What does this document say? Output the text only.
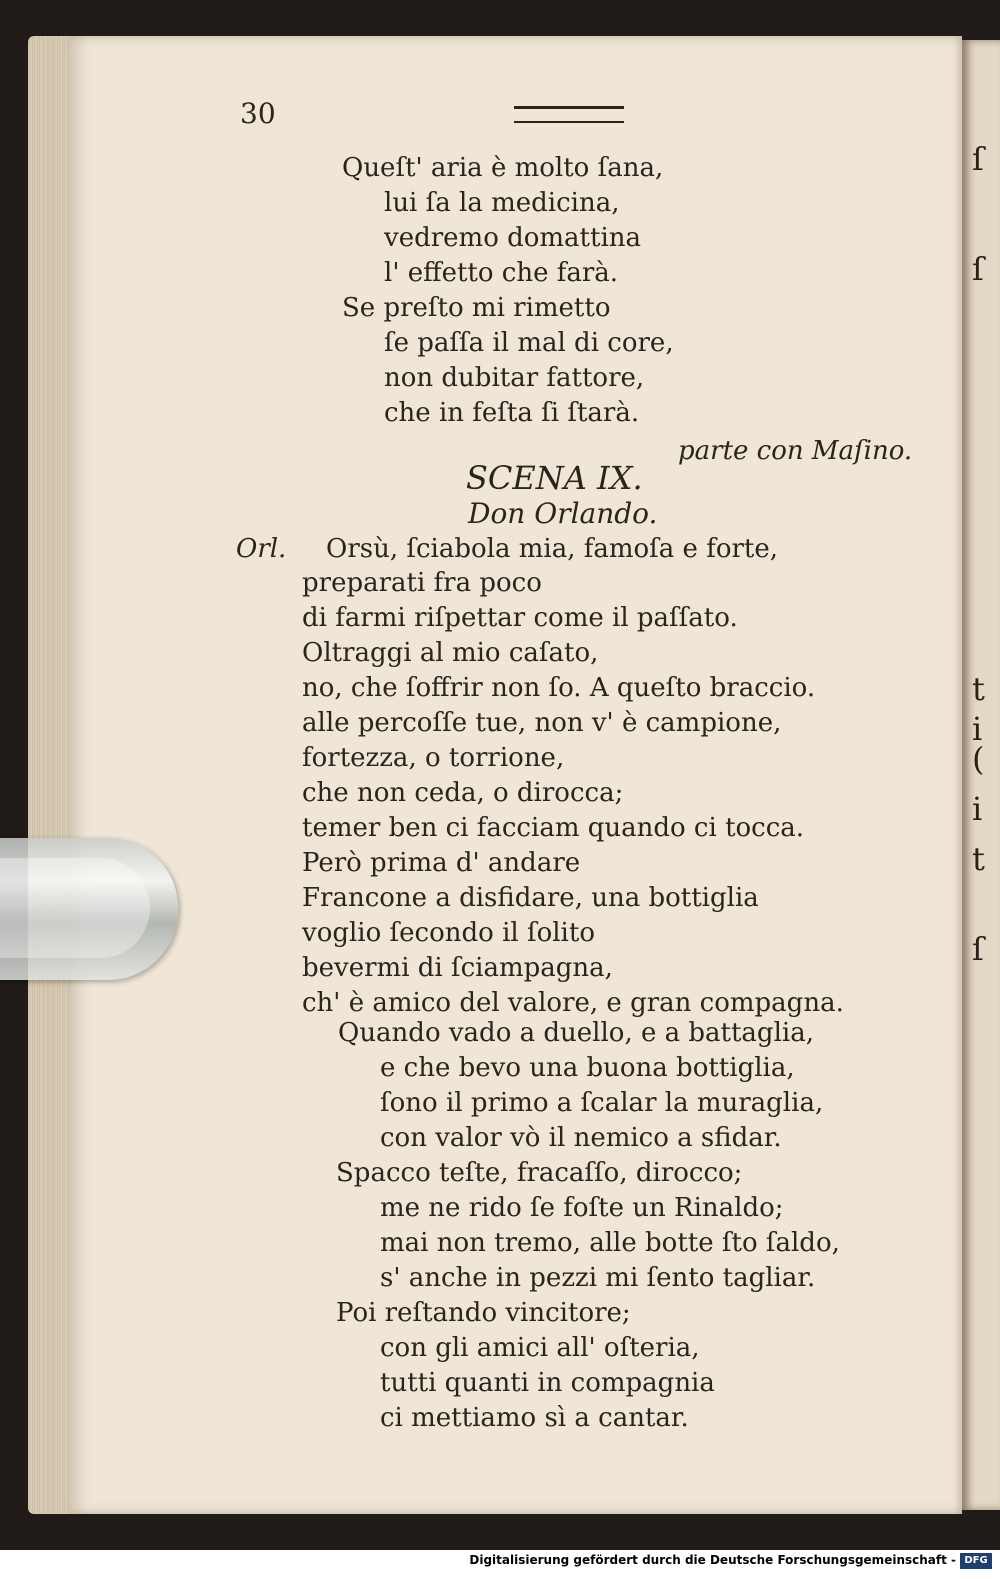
30
Queſt' aria è molto ſana,
lui ſa la medicina,
vedremo domattina
l' effetto che farà.
Se preſto mi rimetto
ſe paſſa il mal di core,
non dubitar fattore,
che in feſta ſi ſtarà.
parte con Maſino.
SCENA IX.
Don Orlando.
Orl. Orsù, ſciabola mia, famoſa e forte,
preparati fra poco
di farmi riſpettar come il paſſato.
Oltraggi al mio caſato,
no, che ſoffrir non ſo. A queſto braccio.
alle percoſſe tue, non v' è campione,
fortezza, o torrione,
che non ceda, o dirocca;
temer ben ci facciam quando ci tocca.
Però prima d' andare
Francone a disfidare, una bottiglia
voglio ſecondo il ſolito
bevermi di ſciampagna,
ch' è amico del valore, e gran compagna.
Quando vado a duello, e a battaglia,
e che bevo una buona bottiglia,
ſono il primo a ſcalar la muraglia,
con valor vò il nemico a sfidar.
Spacco teſte, fracaſſo, dirocco;
me ne rido ſe foſte un Rinaldo;
mai non tremo, alle botte ſto ſaldo,
s' anche in pezzi mi ſento tagliar.
Poi reſtando vincitore;
con gli amici all' oſteria,
tutti quanti in compagnia
ci mettiamo sì a cantar.
ſ
ſ
t
i
(
i
t
ſ
Digitalisierung gefördert durch die Deutsche Forschungsgemeinschaft - DFG
